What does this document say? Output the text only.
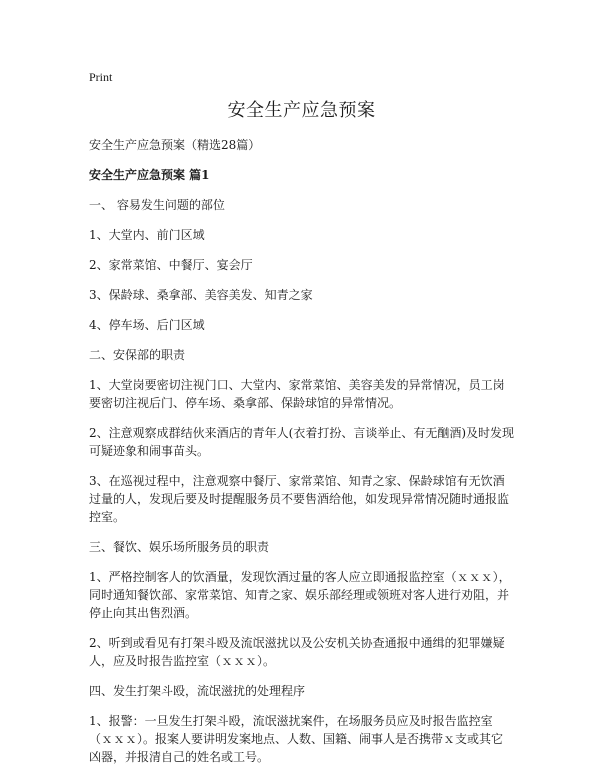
Print
安全生产应急预案

安全生产应急预案（精选28篇）

安全生产应急预案 篇1

一、 容易发生问题的部位

1、大堂内、前门区域

2、家常菜馆、中餐厅、宴会厅

3、保龄球、桑拿部、美容美发、知青之家

4、停车场、后门区域

二、安保部的职责

1、大堂岗要密切注视门口、大堂内、家常菜馆、美容美发的异常情况，员工岗要密切注视后门、停车场、桑拿部、保龄球馆的异常情况。

2、注意观察成群结伙来酒店的青年人(衣着打扮、言谈举止、有无酗酒)及时发现可疑迹象和闹事苗头。

3、在巡视过程中，注意观察中餐厅、家常菜馆、知青之家、保龄球馆有无饮酒过量的人，发现后要及时提醒服务员不要售酒给他，如发现异常情况随时通报监控室。

三、餐饮、娱乐场所服务员的职责

1、严格控制客人的饮酒量，发现饮酒过量的客人应立即通报监控室（ｘｘｘ），同时通知餐饮部、家常菜馆、知青之家、娱乐部经理或领班对客人进行劝阻，并停止向其出售烈酒。

2、听到或看见有打架斗殴及流氓滋扰以及公安机关协查通报中通缉的犯罪嫌疑人，应及时报告监控室（ｘｘｘ）。

四、发生打架斗殴，流氓滋扰的处理程序

1、报警：一旦发生打架斗殴，流氓滋扰案件，在场服务员应及时报告监控室（ｘｘｘ）。报案人要讲明发案地点、人数、国籍、闹事人是否携带ｘ支或其它凶器，并报清自己的姓名或工号。
